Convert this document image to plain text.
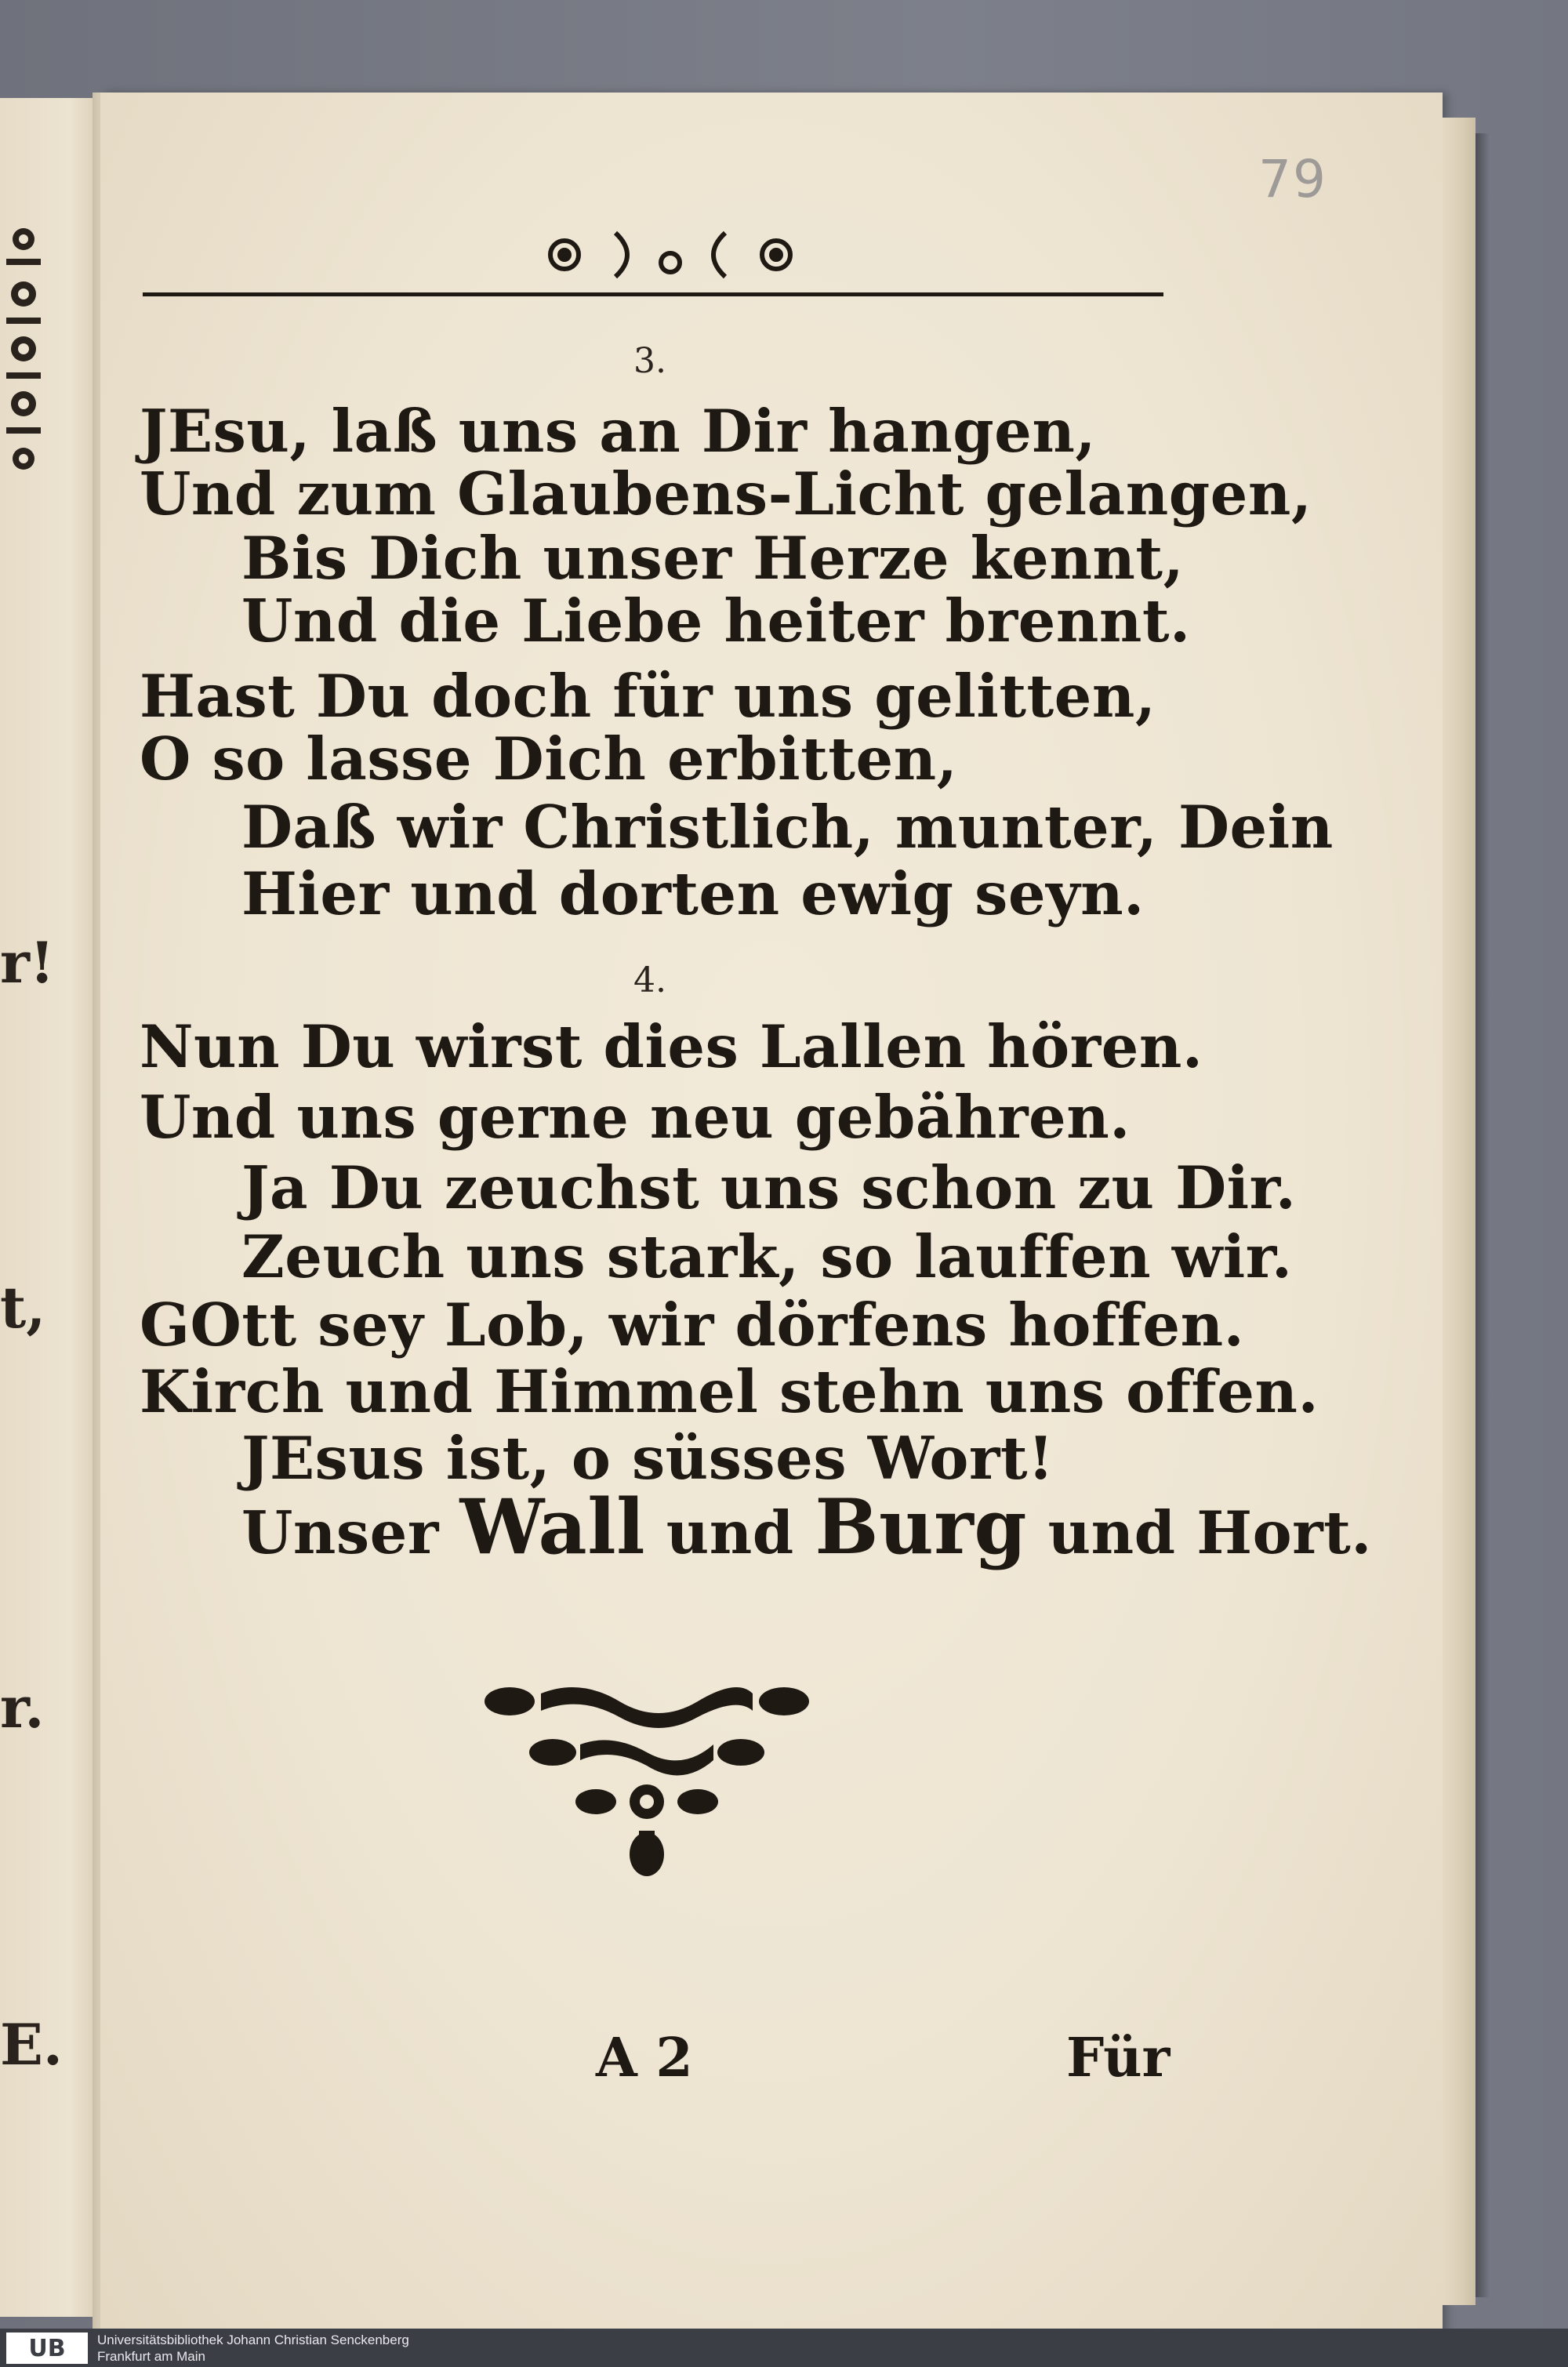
r!
t,
r.
E.
79
3.
JEsu, laß uns an Dir hangen,
Und zum Glaubens-Licht gelangen,
Bis Dich unser Herze kennt,
Und die Liebe heiter brennt.
Hast Du doch für uns gelitten,
O so lasse Dich erbitten,
Daß wir Christlich, munter, Dein
Hier und dorten ewig seyn.
4.
Nun Du wirst dies Lallen hören.
Und uns gerne neu gebähren.
Ja Du zeuchst uns schon zu Dir.
Zeuch uns stark, so lauffen wir.
GOtt sey Lob, wir dörfens hoffen.
Kirch und Himmel stehn uns offen.
JEsus ist, o süsses Wort!
Unser Wall und Burg und Hort.
A 2	Für
UB	Universitätsbibliothek Johann Christian Senckenberg
Frankfurt am Main
